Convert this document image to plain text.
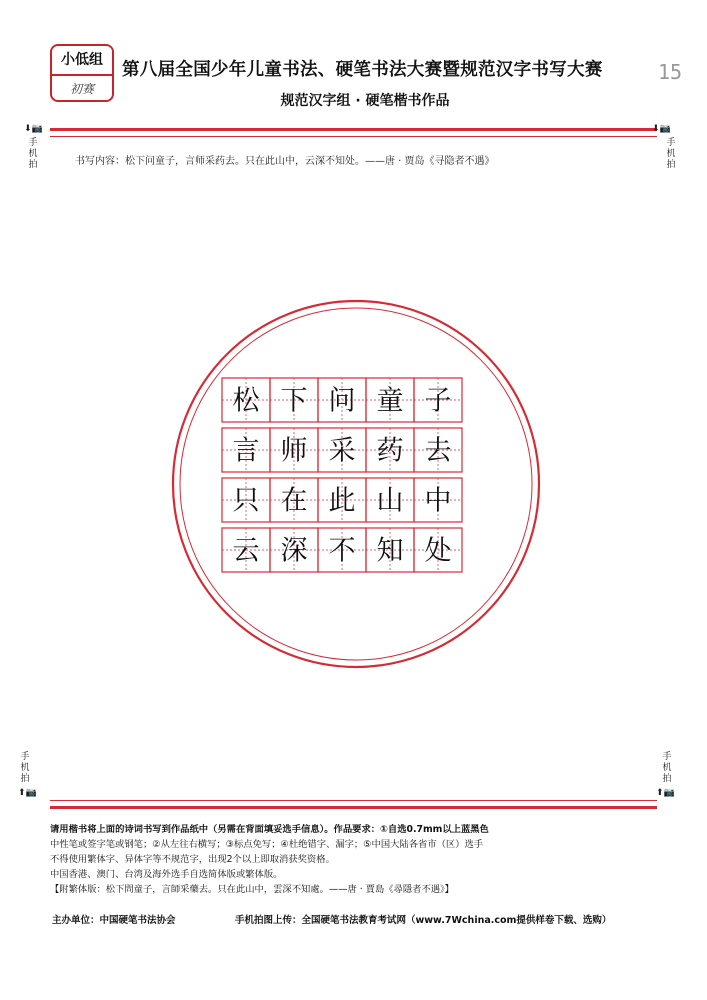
小低组
初赛
第八届全国少年儿童书法、硬笔书法大赛暨规范汉字书写大赛
规范汉字组 · 硬笔楷书作品
15
⬇📷
手机拍
⬇📷
手机拍
书写内容：松下问童子，言师采药去。只在此山中，云深不知处。——唐 · 贾岛《寻隐者不遇》
松 下 问 童 子
言 师 采 药 去
只 在 此 山 中
云 深 不 知 处
手机拍
⬆📷
手机拍
⬆📷

请用楷书将上面的诗词书写到作品纸中（另需在背面填妥选手信息）。作品要求：①自选0.7mm以上蓝黑色

中性笔或签字笔或钢笔；②从左往右横写；③标点免写；④杜绝错字、漏字；⑤中国大陆各省市（区）选手

不得使用繁体字、异体字等不规范字，出现2个以上即取消获奖资格。

中国香港、澳门、台湾及海外选手自选简体版或繁体版。

【附繁体版：松下問童子，言師采藥去。只在此山中，雲深不知處。——唐 · 賈島《尋隱者不遇》】

主办单位：中国硬笔书法协会	手机拍图上传：全国硬笔书法教育考试网（www.7Wchina.com提供样卷下载、选购）
